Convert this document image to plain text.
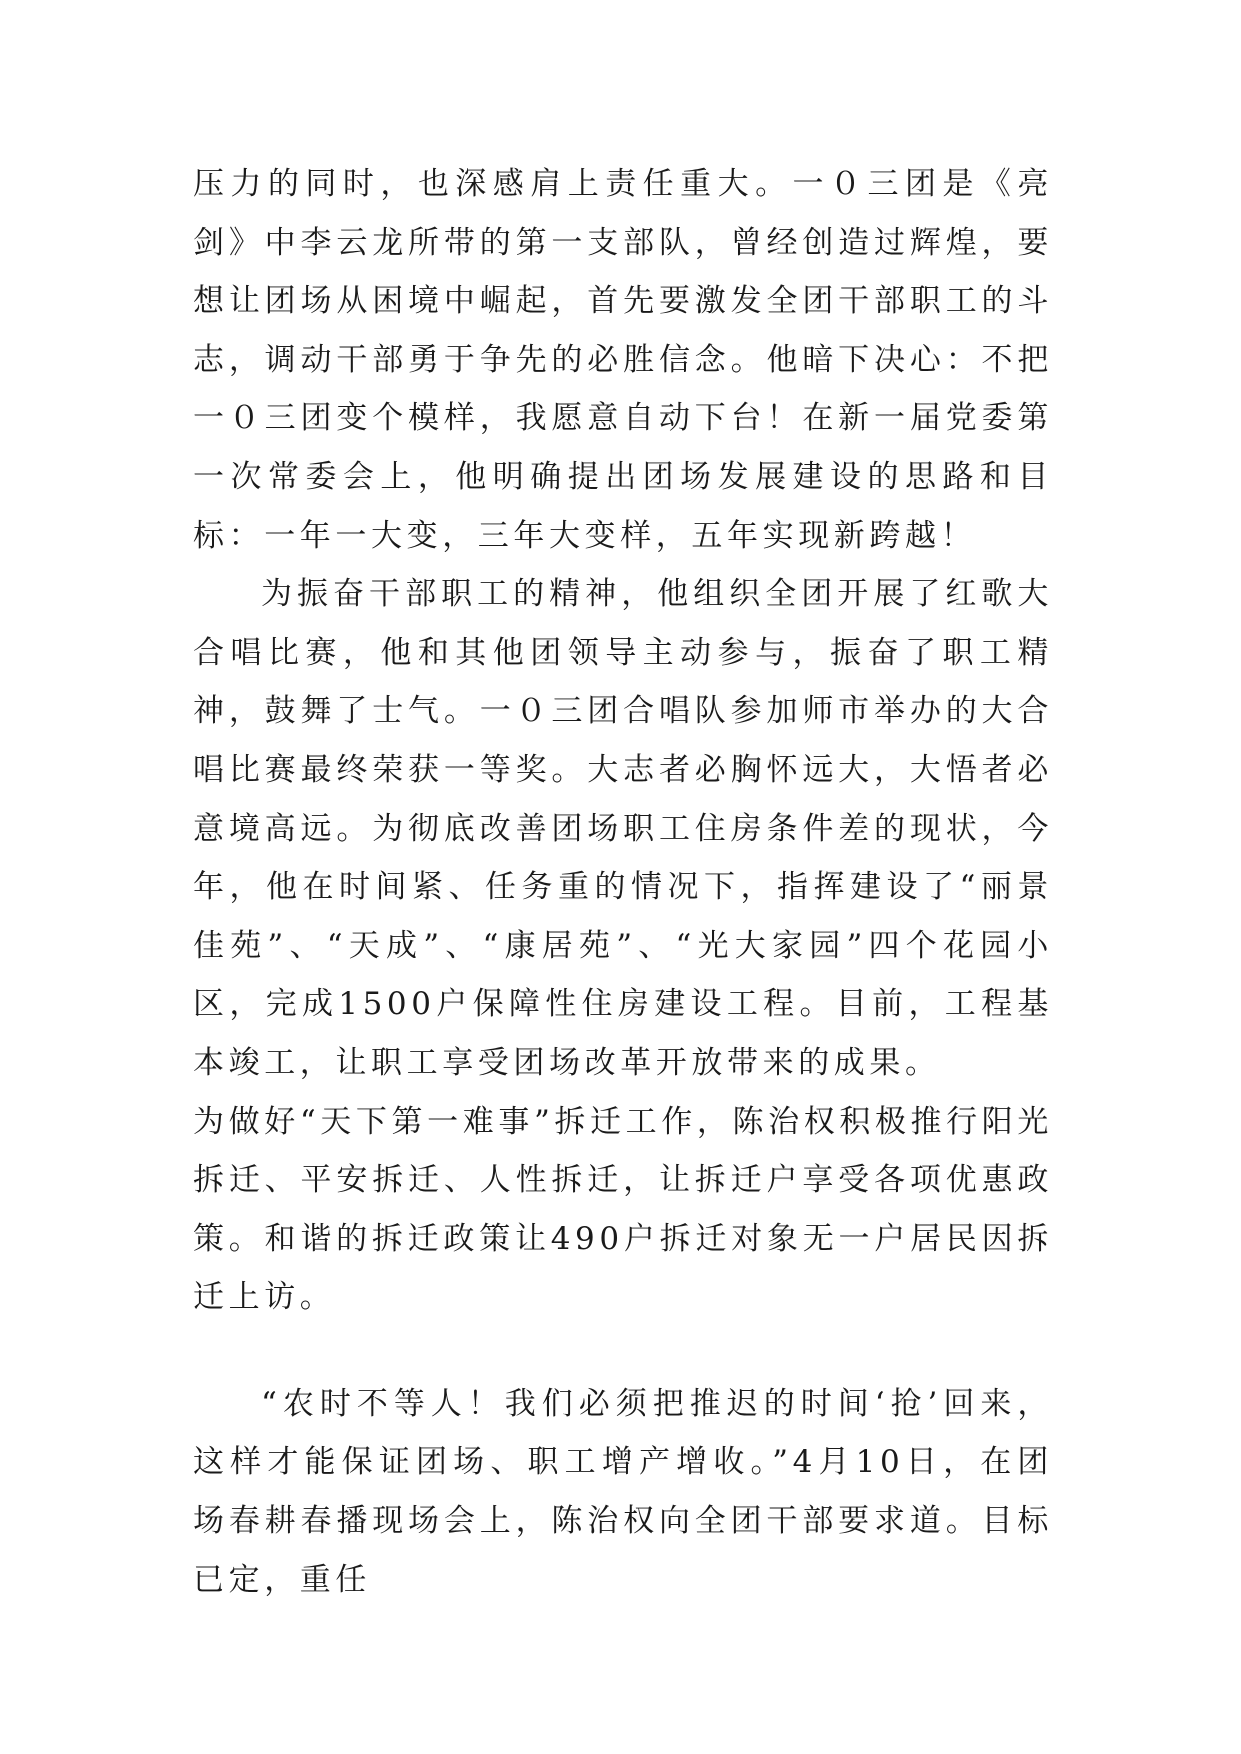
压力的同时，也深感肩上责任重大。一０三团是《亮剑》中李云龙所带的第一支部队，曾经创造过辉煌，要想让团场从困境中崛起，首先要激发全团干部职工的斗志，调动干部勇于争先的必胜信念。他暗下决心：不把一０三团变个模样，我愿意自动下台！在新一届党委第一次常委会上，他明确提出团场发展建设的思路和目标：一年一大变，三年大变样，五年实现新跨越！

为振奋干部职工的精神，他组织全团开展了红歌大合唱比赛，他和其他团领导主动参与，振奋了职工精神，鼓舞了士气。一０三团合唱队参加师市举办的大合唱比赛最终荣获一等奖。大志者必胸怀远大，大悟者必意境高远。为彻底改善团场职工住房条件差的现状，今年，他在时间紧、任务重的情况下，指挥建设了“丽景佳苑”、“天成”、“康居苑”、“光大家园”四个花园小区，完成1500户保障性住房建设工程。目前，工程基本竣工，让职工享受团场改革开放带来的成果。

为做好“天下第一难事”拆迁工作，陈治权积极推行阳光拆迁、平安拆迁、人性拆迁，让拆迁户享受各项优惠政策。和谐的拆迁政策让490户拆迁对象无一户居民因拆迁上访。

“农时不等人！我们必须把推迟的时间‘抢’回来，这样才能保证团场、职工增产增收。”4月10日，在团场春耕春播现场会上，陈治权向全团干部要求道。目标已定，重任
